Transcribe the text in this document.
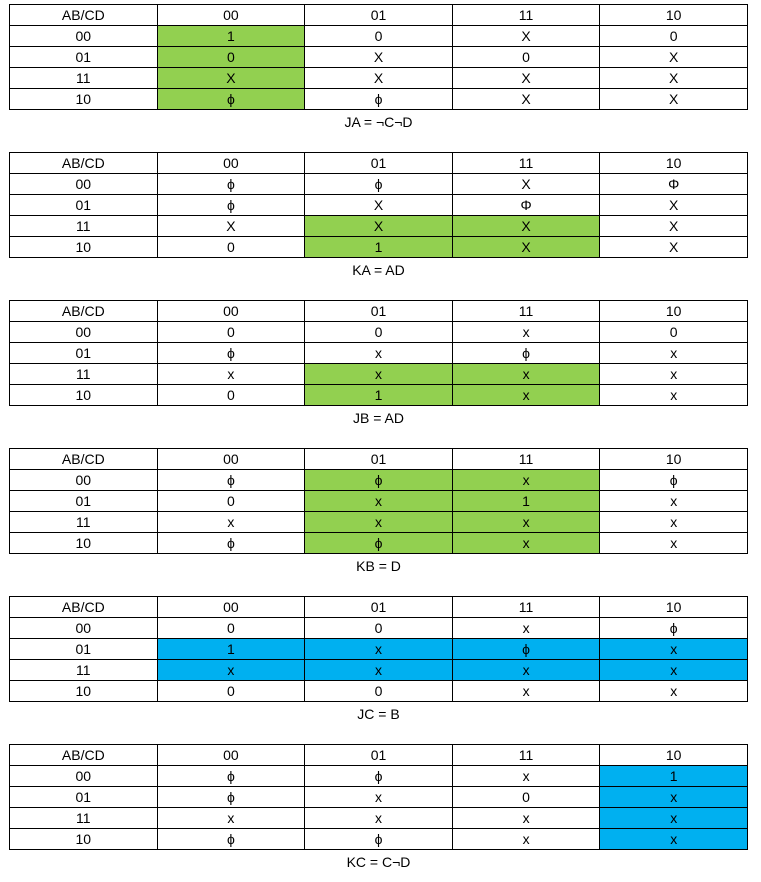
AB/CD	00	01	11	10
00	1	0	X	0
01	0	X	0	X
11	X	X	X	X
10	ϕ	ϕ	X	X
JA = ¬C¬D
AB/CD	00	01	11	10
00	ϕ	ϕ	X	Φ
01	ϕ	X	Φ	X
11	X	X	X	X
10	0	1	X	X
KA = AD
AB/CD	00	01	11	10
00	0	0	x	0
01	ϕ	x	ϕ	x
11	x	x	x	x
10	0	1	x	x
JB = AD
AB/CD	00	01	11	10
00	ϕ	ϕ	x	ϕ
01	0	x	1	x
11	x	x	x	x
10	ϕ	ϕ	x	x
KB = D
AB/CD	00	01	11	10
00	0	0	x	ϕ
01	1	x	ϕ	x
11	x	x	x	x
10	0	0	x	x
JC = B
AB/CD	00	01	11	10
00	ϕ	ϕ	x	1
01	ϕ	x	0	x
11	x	x	x	x
10	ϕ	ϕ	x	x
KC = C¬D
